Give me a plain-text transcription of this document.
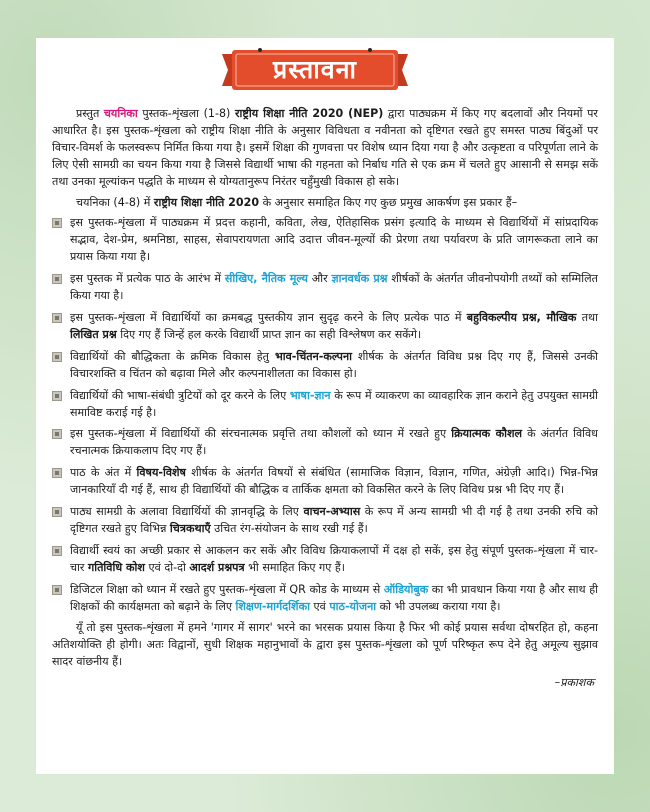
प्रस्तावना

प्रस्तुत चयनिका पुस्तक-शृंखला (1-8) राष्ट्रीय शिक्षा नीति 2020 (NEP) द्वारा पाठ्यक्रम में किए गए बदलावों और नियमों पर आधारित है। इस पुस्तक-शृंखला को राष्ट्रीय शिक्षा नीति के अनुसार विविधता व नवीनता को दृष्टिगत रखते हुए समस्त पाठ्य बिंदुओं पर विचार-विमर्श के फलस्वरूप निर्मित किया गया है। इसमें शिक्षा की गुणवत्ता पर विशेष ध्यान दिया गया है और उत्कृष्टता व परिपूर्णता लाने के लिए ऐसी सामग्री का चयन किया गया है जिससे विद्यार्थी भाषा की गहनता को निर्बाध गति से एक क्रम में चलते हुए आसानी से समझ सकें तथा उनका मूल्यांकन पद्धति के माध्यम से योग्यतानुरूप निरंतर चहुँमुखी विकास हो सके।

चयनिका (4-8) में राष्ट्रीय शिक्षा नीति 2020 के अनुसार समाहित किए गए कुछ प्रमुख आकर्षण इस प्रकार हैं–

इस पुस्तक-शृंखला में पाठ्यक्रम में प्रदत्त कहानी, कविता, लेख, ऐतिहासिक प्रसंग इत्यादि के माध्यम से विद्यार्थियों में सांप्रदायिक सद्भाव, देश-प्रेम, श्रमनिष्ठा, साहस, सेवापरायणता आदि उदात्त जीवन-मूल्यों की प्रेरणा तथा पर्यावरण के प्रति जागरूकता लाने का प्रयास किया गया है।
इस पुस्तक में प्रत्येक पाठ के आरंभ में सीखिए, नैतिक मूल्य और ज्ञानवर्धक प्रश्न शीर्षकों के अंतर्गत जीवनोपयोगी तथ्यों को सम्मिलित किया गया है।
इस पुस्तक-शृंखला में विद्यार्थियों का क्रमबद्ध पुस्तकीय ज्ञान सुदृढ़ करने के लिए प्रत्येक पाठ में बहुविकल्पीय प्रश्न, मौखिक तथा लिखित प्रश्न दिए गए हैं जिन्हें हल करके विद्यार्थी प्राप्त ज्ञान का सही विश्लेषण कर सकेंगे।
विद्यार्थियों की बौद्धिकता के क्रमिक विकास हेतु भाव-चिंतन-कल्पना शीर्षक के अंतर्गत विविध प्रश्न दिए गए हैं, जिससे उनकी विचारशक्ति व चिंतन को बढ़ावा मिले और कल्पनाशीलता का विकास हो।
विद्यार्थियों की भाषा-संबंधी त्रुटियों को दूर करने के लिए भाषा-ज्ञान के रूप में व्याकरण का व्यावहारिक ज्ञान कराने हेतु उपयुक्त सामग्री समाविष्ट कराई गई है।
इस पुस्तक-शृंखला में विद्यार्थियों की संरचनात्मक प्रवृत्ति तथा कौशलों को ध्यान में रखते हुए क्रियात्मक कौशल के अंतर्गत विविध रचनात्मक क्रियाकलाप दिए गए हैं।
पाठ के अंत में विषय-विशेष शीर्षक के अंतर्गत विषयों से संबंधित (सामाजिक विज्ञान, विज्ञान, गणित, अंग्रेज़ी आदि।) भिन्न-भिन्न जानकारियाँ दी गई हैं, साथ ही विद्यार्थियों की बौद्धिक व तार्किक क्षमता को विकसित करने के लिए विविध प्रश्न भी दिए गए हैं।
पाठ्य सामग्री के अलावा विद्यार्थियों की ज्ञानवृद्धि के लिए वाचन-अभ्यास के रूप में अन्य सामग्री भी दी गई है तथा उनकी रुचि को दृष्टिगत रखते हुए विभिन्न चित्रकथाएँ उचित रंग-संयोजन के साथ रखी गई हैं।
विद्यार्थी स्वयं का अच्छी प्रकार से आकलन कर सकें और विविध क्रियाकलापों में दक्ष हो सकें, इस हेतु संपूर्ण पुस्तक-शृंखला में चार-चार गतिविधि कोश एवं दो-दो आदर्श प्रश्नपत्र भी समाहित किए गए हैं।
डिजिटल शिक्षा को ध्यान में रखते हुए पुस्तक-शृंखला में QR कोड के माध्यम से ऑडियोबुक का भी प्रावधान किया गया है और साथ ही शिक्षकों की कार्यक्षमता को बढ़ाने के लिए शिक्षण-मार्गदर्शिका एवं पाठ-योजना को भी उपलब्ध कराया गया है।

यूँ तो इस पुस्तक-शृंखला में हमने 'गागर में सागर' भरने का भरसक प्रयास किया है फिर भी कोई प्रयास सर्वथा दोषरहित हो, कहना अतिशयोक्ति ही होगी। अतः विद्वानों, सुधी शिक्षक महानुभावों के द्वारा इस पुस्तक-शृंखला को पूर्ण परिष्कृत रूप देने हेतु अमूल्य सुझाव सादर वांछनीय हैं।

–प्रकाशक
